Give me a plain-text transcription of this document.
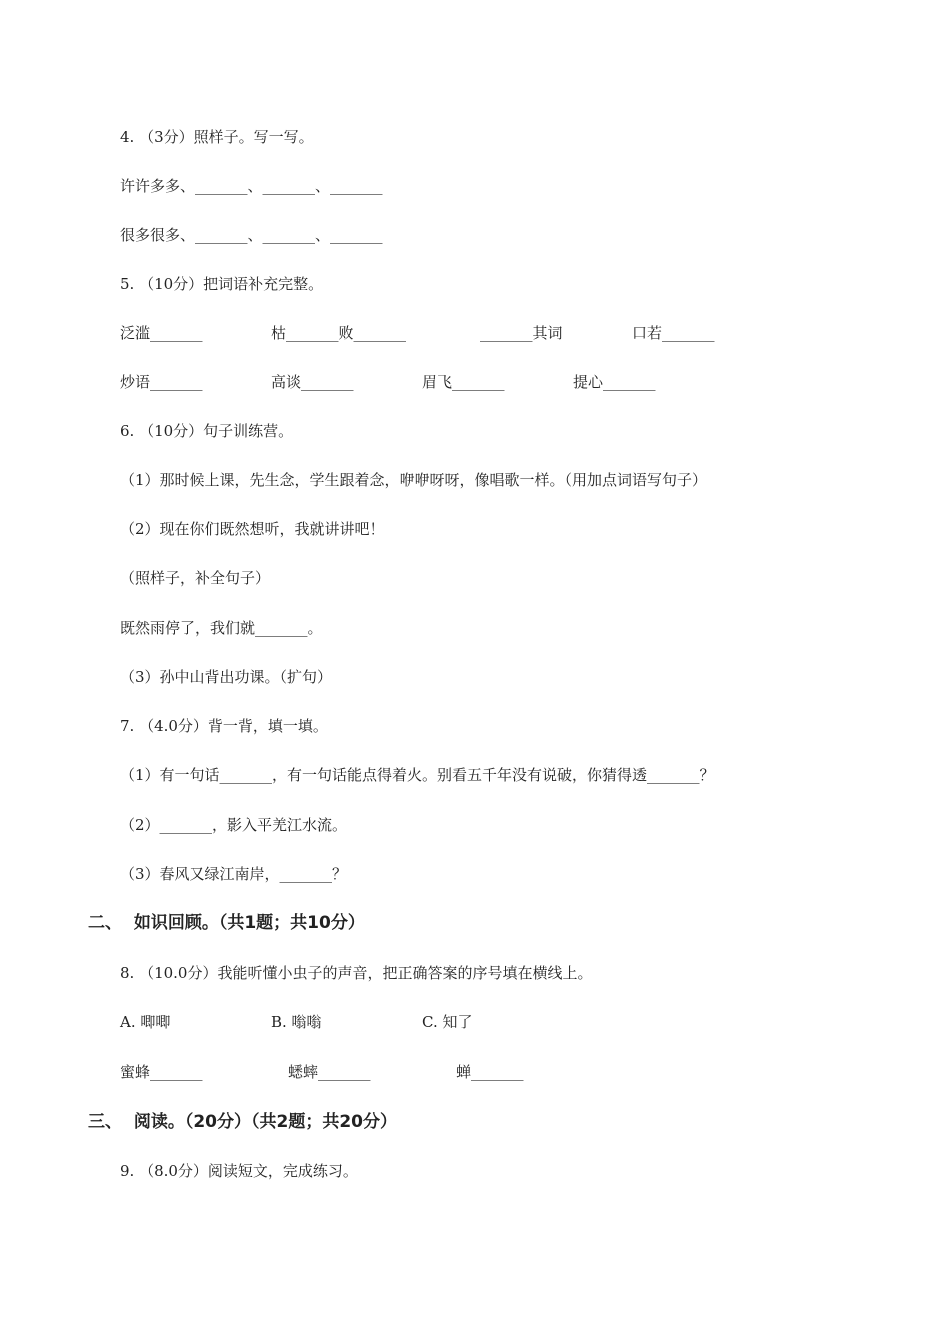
4. （3分）照样子。写一写。
许许多多、_______、_______、_______
很多很多、_______、_______、_______
5. （10分）把词语补充完整。
泛滥_______	枯_______败_______	_______其词	口若_______
炒语_______	高谈_______	眉飞_______	提心_______
6. （10分）句子训练营。
（1）那时候上课，先生念，学生跟着念，咿咿呀呀，像唱歌一样。（用加点词语写句子）
（2）现在你们既然想听，我就讲讲吧！
（照样子，补全句子）
既然雨停了，我们就_______。
（3）孙中山背出功课。（扩句）
7. （4.0分）背一背，填一填。
（1）有一句话_______，有一句话能点得着火。别看五千年没有说破，你猜得透_______？
（2）_______，影入平羌江水流。
（3）春风又绿江南岸，_______？
二、  如识回顾。（共1题；共10分）
8. （10.0分）我能听懂小虫子的声音，把正确答案的序号填在横线上。
A. 唧唧	B. 嗡嗡	C. 知了
蜜蜂_______	蟋蟀_______	蝉_______
三、  阅读。（20分）（共2题；共20分）
9. （8.0分）阅读短文，完成练习。
